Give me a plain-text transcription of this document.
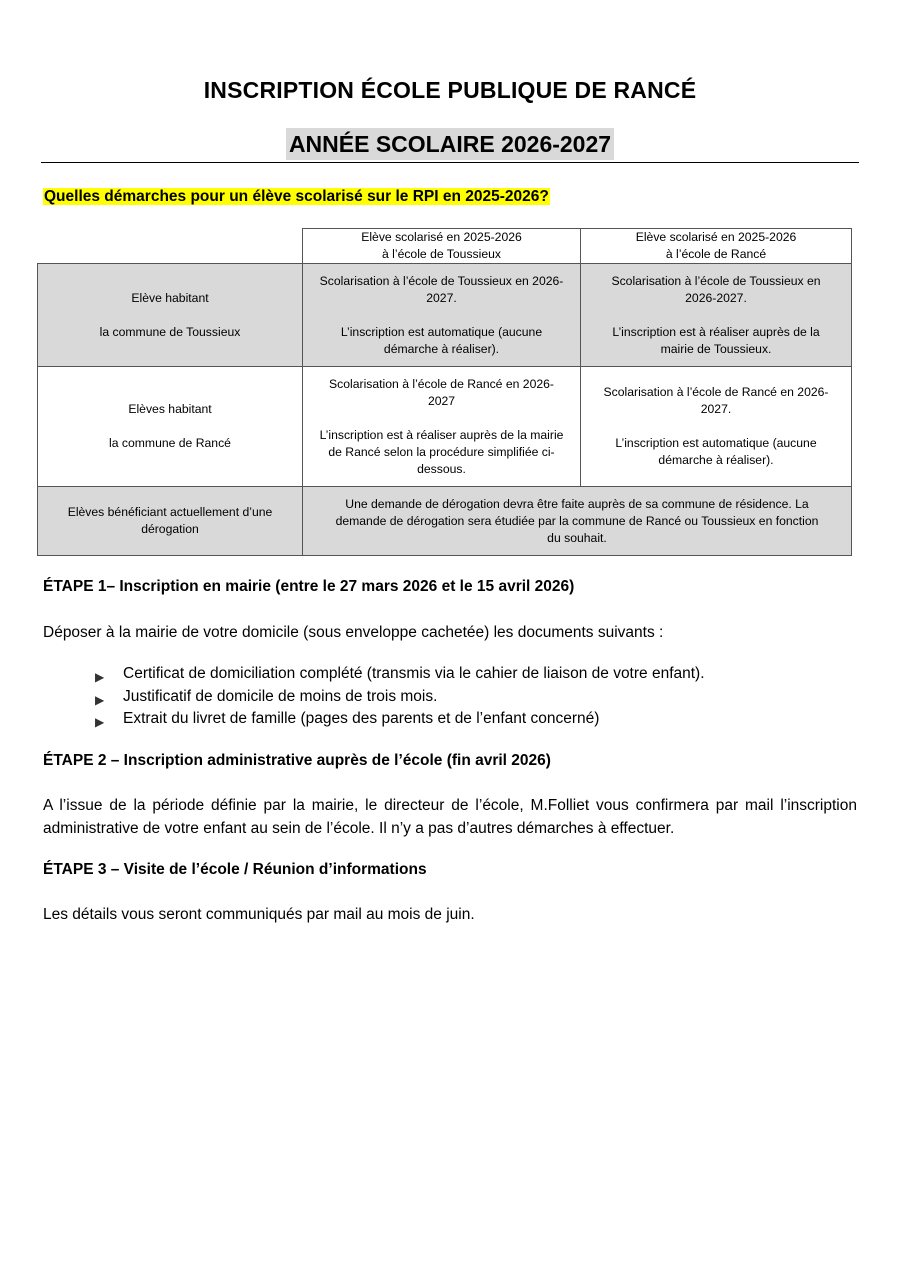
INSCRIPTION ÉCOLE PUBLIQUE DE RANCÉ
ANNÉE SCOLAIRE 2026-2027
Quelles démarches pour un élève scolarisé sur le RPI en 2025-2026?

	Elève scolarisé en 2025-2026
à l’école de Toussieux	Elève scolarisé en 2025-2026
à l’école de Rancé

Elève habitant
la commune de Toussieux	Scolarisation à l’école de Toussieux en 2026-
2027.
L’inscription est automatique (aucune
démarche à réaliser).	Scolarisation à l’école de Toussieux en
2026-2027.
L’inscription est à réaliser auprès de la
mairie de Toussieux.

Elèves habitant
la commune de Rancé	Scolarisation à l’école de Rancé en 2026-
2027
L’inscription est à réaliser auprès de la mairie
de Rancé selon la procédure simplifiée ci-
dessous.	Scolarisation à l’école de Rancé en 2026-
2027.
L’inscription est automatique (aucune
démarche à réaliser).

Elèves bénéficiant actuellement d’une
dérogation	Une demande de dérogation devra être faite auprès de sa commune de résidence. La
demande de dérogation sera étudiée par la commune de Rancé ou Toussieux en fonction
du souhait.	
ÉTAPE 1– Inscription en mairie (entre le 27 mars 2026 et le 15 avril 2026)
Déposer à la mairie de votre domicile (sous enveloppe cachetée) les documents suivants :
▶ Certificat de domiciliation complété (transmis via le cahier de liaison de votre enfant).
▶ Justificatif de domicile de moins de trois mois.
▶ Extrait du livret de famille (pages des parents et de l’enfant concerné)
ÉTAPE 2 – Inscription administrative auprès de l’école (fin avril 2026)
A l’issue de la période définie par la mairie, le directeur de l’école, M.Folliet vous confirmera par mail l’inscription administrative de votre enfant au sein de l’école. Il n’y a pas d’autres démarches à effectuer.
ÉTAPE 3 – Visite de l’école / Réunion d’informations
Les détails vous seront communiqués par mail au mois de juin.
